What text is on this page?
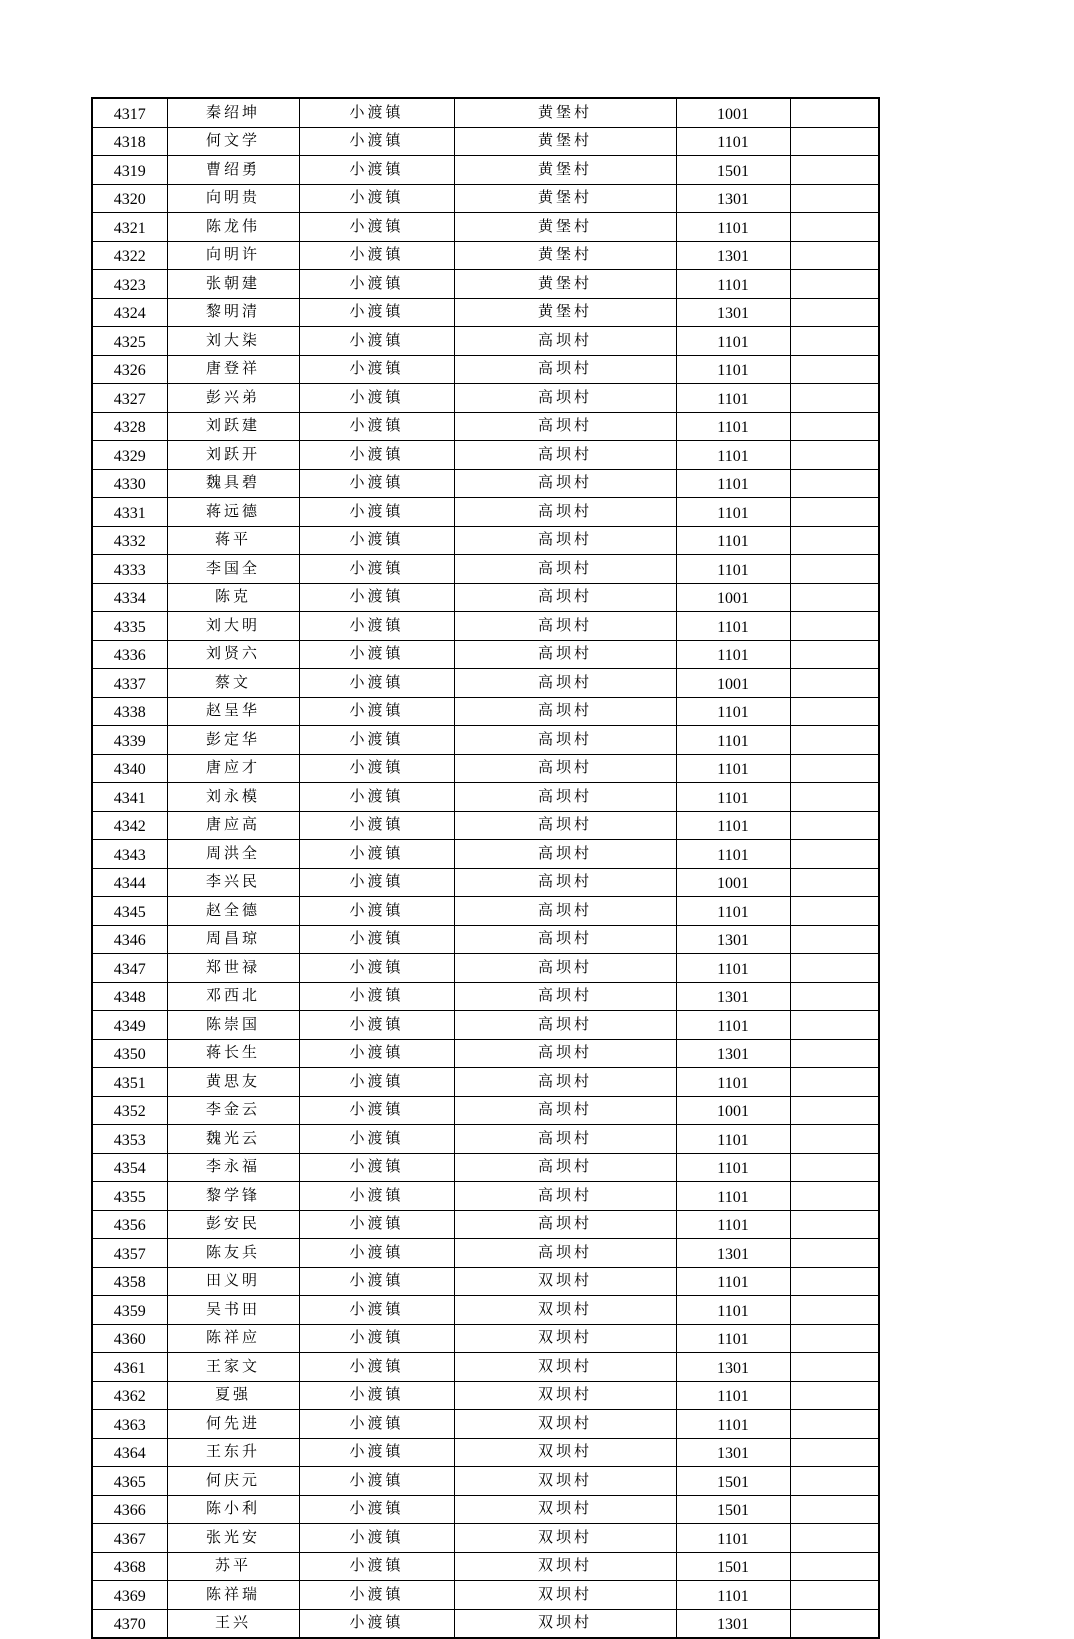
4317	秦绍坤	小渡镇	黄堡村	1001	
4318	何文学	小渡镇	黄堡村	1101	
4319	曹绍勇	小渡镇	黄堡村	1501	
4320	向明贵	小渡镇	黄堡村	1301	
4321	陈龙伟	小渡镇	黄堡村	1101	
4322	向明许	小渡镇	黄堡村	1301	
4323	张朝建	小渡镇	黄堡村	1101	
4324	黎明清	小渡镇	黄堡村	1301	
4325	刘大柒	小渡镇	高坝村	1101	
4326	唐登祥	小渡镇	高坝村	1101	
4327	彭兴弟	小渡镇	高坝村	1101	
4328	刘跃建	小渡镇	高坝村	1101	
4329	刘跃开	小渡镇	高坝村	1101	
4330	魏具碧	小渡镇	高坝村	1101	
4331	蒋远德	小渡镇	高坝村	1101	
4332	蒋平	小渡镇	高坝村	1101	
4333	李国全	小渡镇	高坝村	1101	
4334	陈克	小渡镇	高坝村	1001	
4335	刘大明	小渡镇	高坝村	1101	
4336	刘贤六	小渡镇	高坝村	1101	
4337	蔡文	小渡镇	高坝村	1001	
4338	赵呈华	小渡镇	高坝村	1101	
4339	彭定华	小渡镇	高坝村	1101	
4340	唐应才	小渡镇	高坝村	1101	
4341	刘永模	小渡镇	高坝村	1101	
4342	唐应高	小渡镇	高坝村	1101	
4343	周洪全	小渡镇	高坝村	1101	
4344	李兴民	小渡镇	高坝村	1001	
4345	赵全德	小渡镇	高坝村	1101	
4346	周昌琼	小渡镇	高坝村	1301	
4347	郑世禄	小渡镇	高坝村	1101	
4348	邓西北	小渡镇	高坝村	1301	
4349	陈崇国	小渡镇	高坝村	1101	
4350	蒋长生	小渡镇	高坝村	1301	
4351	黄思友	小渡镇	高坝村	1101	
4352	李金云	小渡镇	高坝村	1001	
4353	魏光云	小渡镇	高坝村	1101	
4354	李永福	小渡镇	高坝村	1101	
4355	黎学锋	小渡镇	高坝村	1101	
4356	彭安民	小渡镇	高坝村	1101	
4357	陈友兵	小渡镇	高坝村	1301	
4358	田义明	小渡镇	双坝村	1101	
4359	吴书田	小渡镇	双坝村	1101	
4360	陈祥应	小渡镇	双坝村	1101	
4361	王家文	小渡镇	双坝村	1301	
4362	夏强	小渡镇	双坝村	1101	
4363	何先进	小渡镇	双坝村	1101	
4364	王东升	小渡镇	双坝村	1301	
4365	何庆元	小渡镇	双坝村	1501	
4366	陈小利	小渡镇	双坝村	1501	
4367	张光安	小渡镇	双坝村	1101	
4368	苏平	小渡镇	双坝村	1501	
4369	陈祥瑞	小渡镇	双坝村	1101	
4370	王兴	小渡镇	双坝村	1301	
